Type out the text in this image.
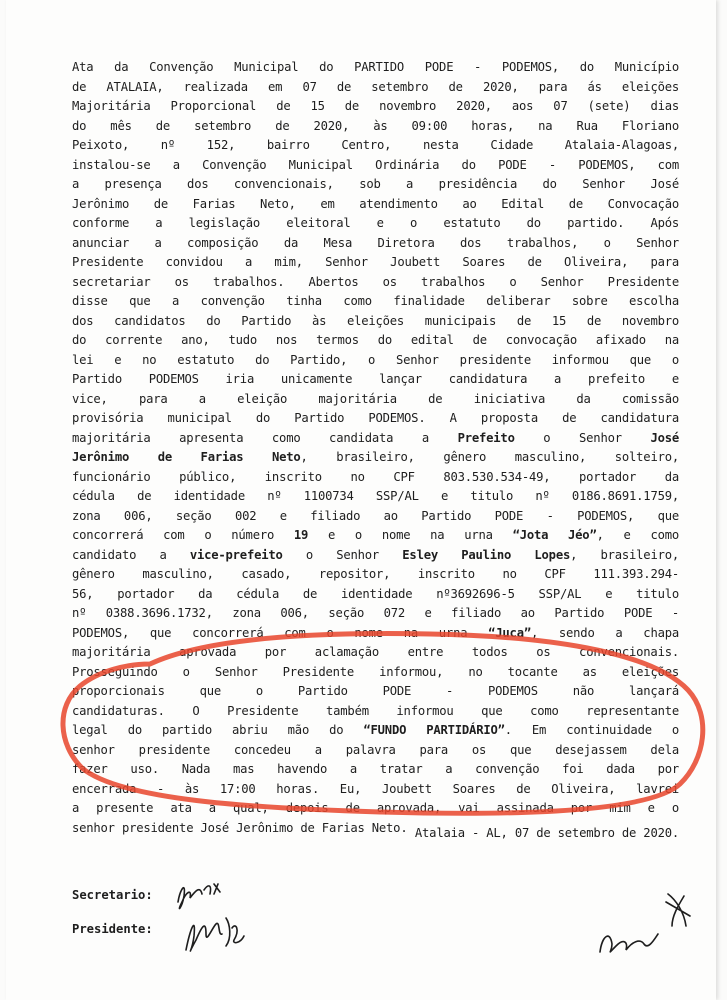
Ata da Convenção Municipal do PARTIDO PODE - PODEMOS, do Município
de ATALAIA, realizada em 07 de setembro de 2020, para ás eleições
Majoritária Proporcional de 15 de novembro 2020, aos 07 (sete) dias
do mês de setembro de 2020, às 09:00 horas, na Rua Floriano
Peixoto, nº 152, bairro Centro, nesta Cidade Atalaia-Alagoas,
instalou-se a Convenção Municipal Ordinária do PODE - PODEMOS, com
a presença dos convencionais, sob a presidência do Senhor José
Jerônimo de Farias Neto, em atendimento ao Edital de Convocação
conforme a legislação eleitoral e o estatuto do partido. Após
anunciar a composição da Mesa Diretora dos trabalhos, o Senhor
Presidente convidou a mim, Senhor Joubett Soares de Oliveira, para
secretariar os trabalhos. Abertos os trabalhos o Senhor Presidente
disse que a convenção tinha como finalidade deliberar sobre escolha
dos candidatos do Partido às eleições municipais de 15 de novembro
do corrente ano, tudo nos termos do edital de convocação afixado na
lei e no estatuto do Partido, o Senhor presidente informou que o
Partido PODEMOS iria unicamente lançar candidatura a prefeito e
vice, para a eleição majoritária de iniciativa da comissão
provisória municipal do Partido PODEMOS. A proposta de candidatura
majoritária apresenta como candidata a Prefeito o Senhor José
Jerônimo de Farias Neto, brasileiro, gênero masculino, solteiro,
funcionário público, inscrito no CPF 803.530.534-49, portador da
cédula de identidade nº 1100734 SSP/AL e titulo nº 0186.8691.1759,
zona 006, seção 002 e filiado ao Partido PODE - PODEMOS, que
concorrerá com o número 19 e o nome na urna “Jota Jéo”, e como
candidato a vice-prefeito o Senhor Esley Paulino Lopes, brasileiro,
gênero masculino, casado, repositor, inscrito no CPF 111.393.294-
56, portador da cédula de identidade nº3692696-5 SSP/AL e titulo
nº 0388.3696.1732, zona 006, seção 072 e filiado ao Partido PODE -
PODEMOS, que concorrerá com o nome na urna “Juca”, sendo a chapa
majoritária aprovada por aclamação entre todos os convencionais.
Prosseguindo o Senhor Presidente informou, no tocante as eleições
proporcionais que o Partido PODE - PODEMOS não lançará
candidaturas. O Presidente também informou que como representante
legal do partido abriu mão do “FUNDO PARTIDÁRIO”. Em continuidade o
senhor presidente concedeu a palavra para os que desejassem dela
fazer uso. Nada mas havendo a tratar a convenção foi dada por
encerrada - às 17:00 horas. Eu, Joubett Soares de Oliveira, lavrei
a presente ata a qual, depois de aprovada, vai assinada por mim e o
senhor presidente José Jerônimo de Farias Neto. Atalaia - AL, 07 de setembro de 2020.
Secretario:
Presidente:
